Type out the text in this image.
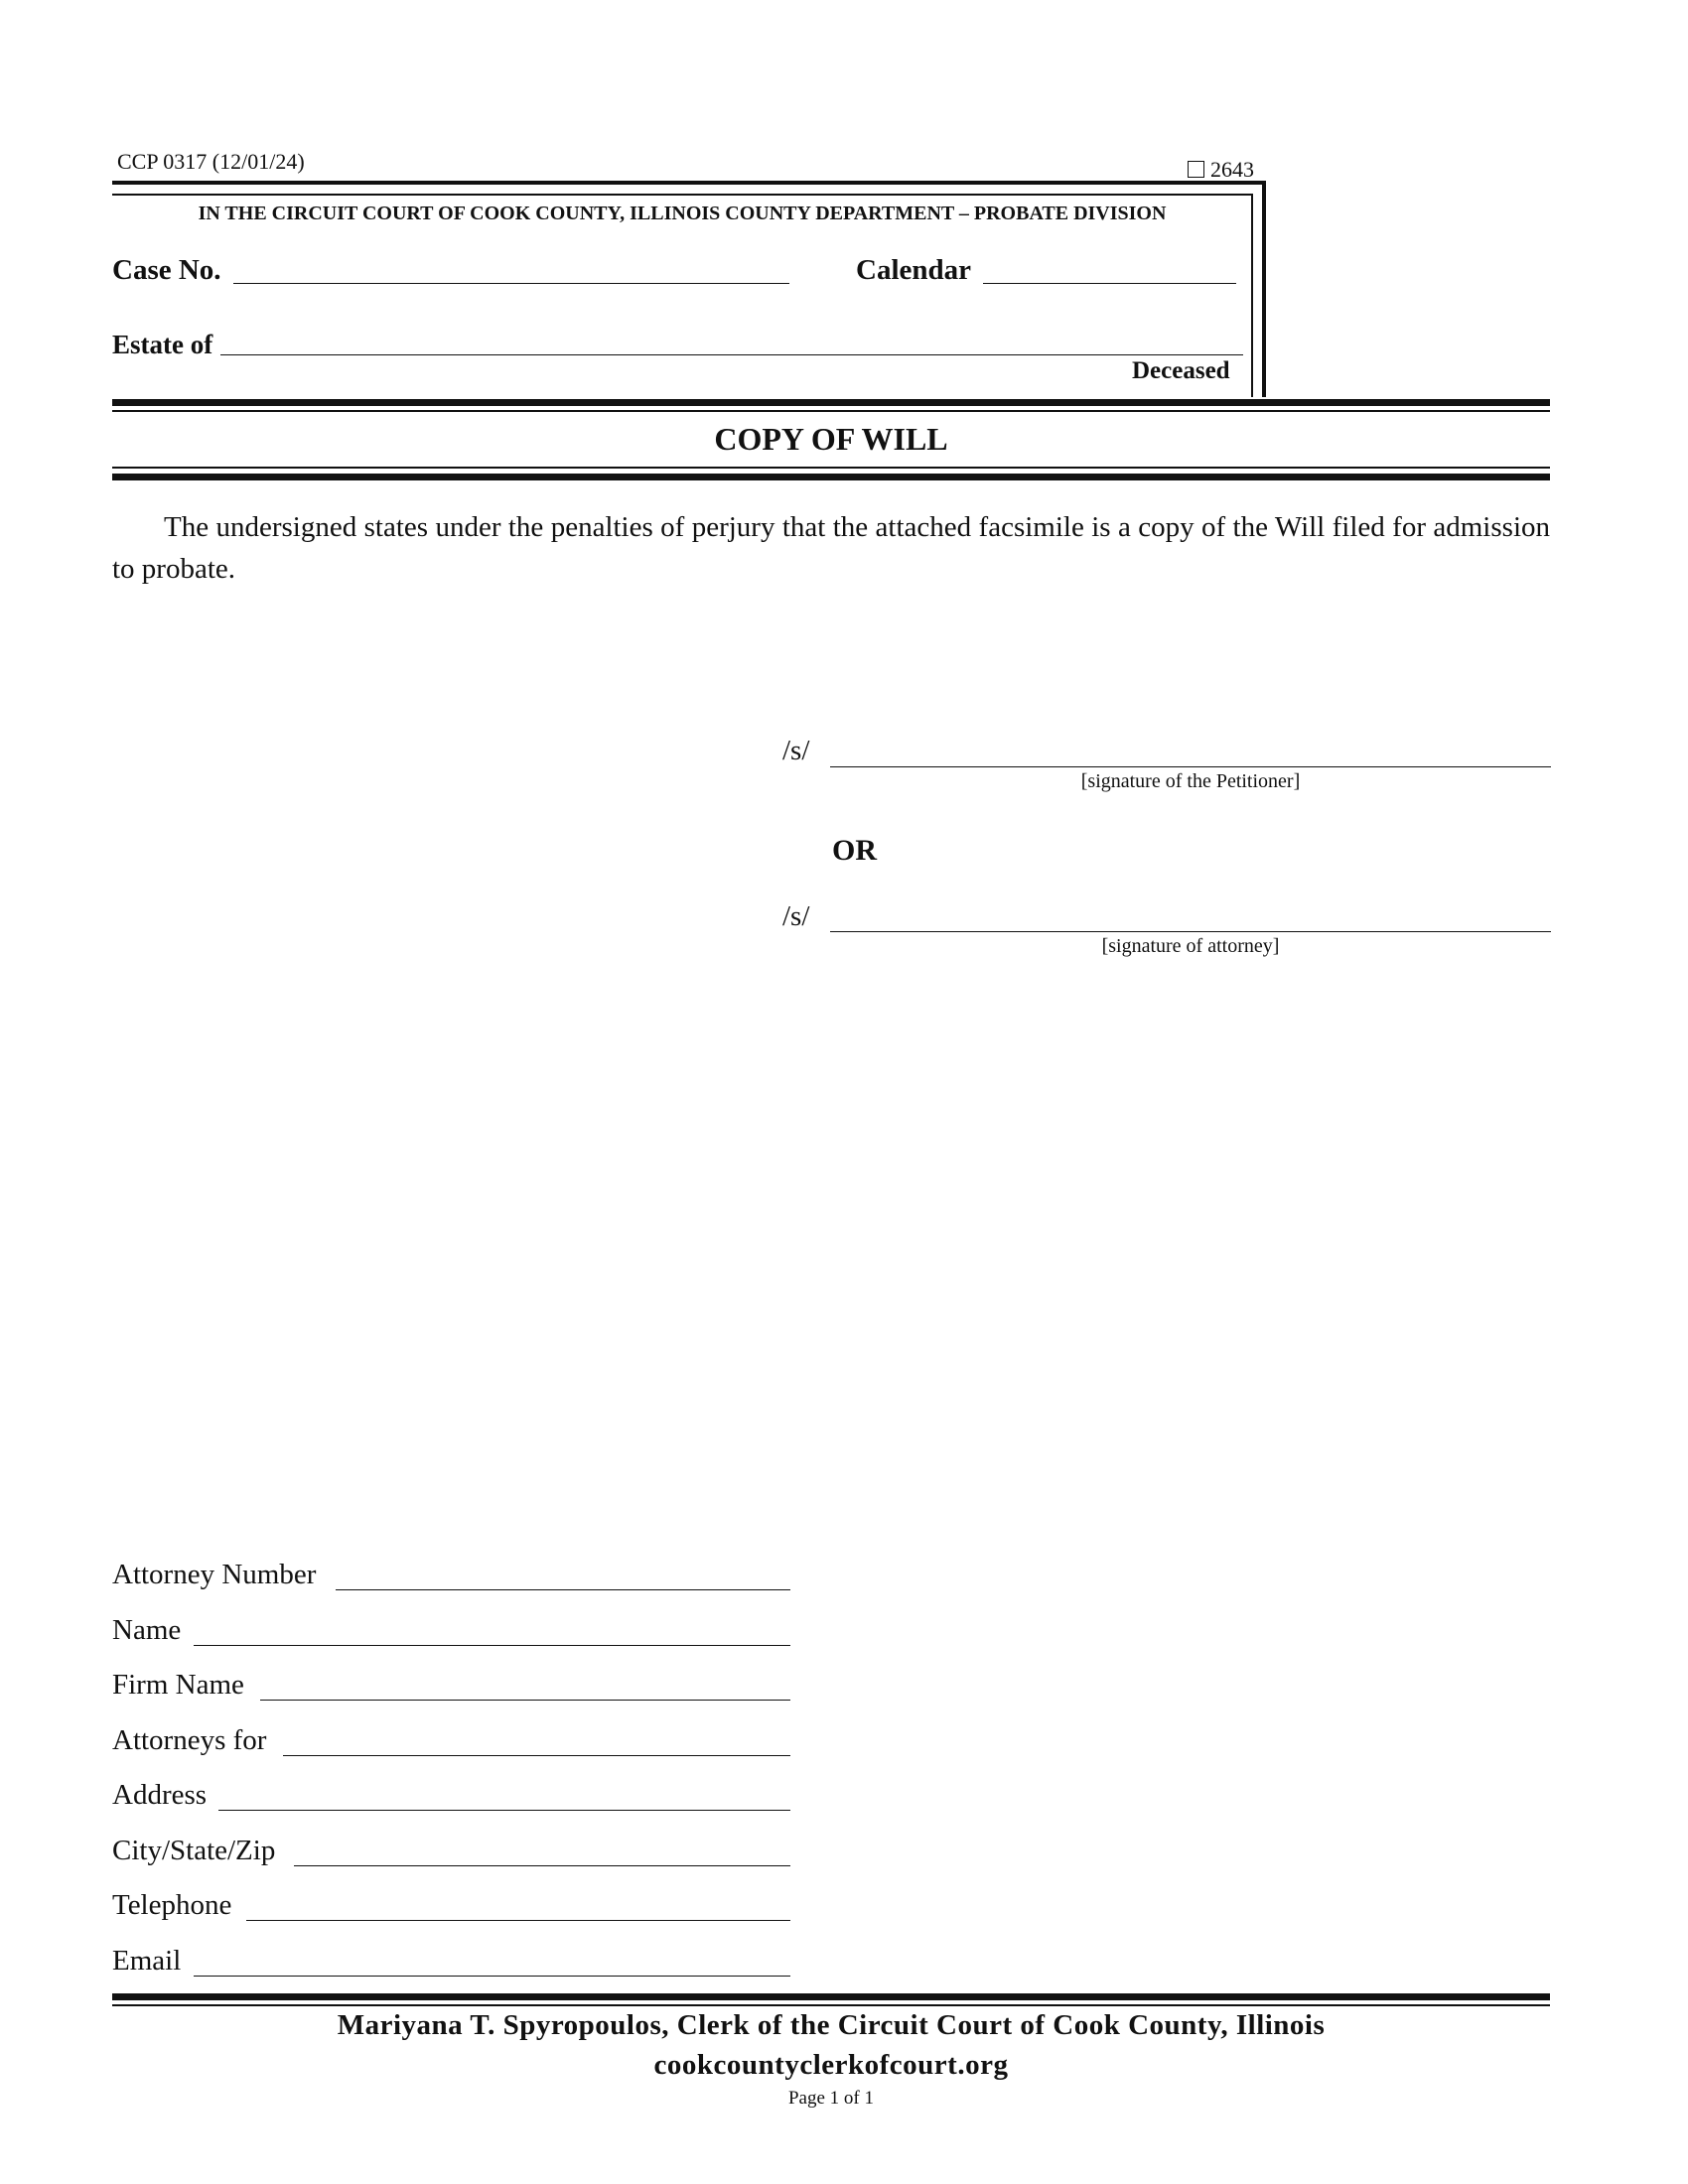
CCP 0317 (12/01/24)	2643
IN THE CIRCUIT COURT OF COOK COUNTY, ILLINOIS COUNTY DEPARTMENT – PROBATE DIVISION
Case No.	Calendar
Estate of
Deceased
COPY OF WILL
The undersigned states under the penalties of perjury that the attached facsimile is a copy of the Will filed for admission to probate.
/s/
[signature of the Petitioner]
OR
/s/
[signature of attorney]
Attorney Number
Name
Firm Name
Attorneys for
Address
City/State/Zip
Telephone
Email
Mariyana T. Spyropoulos, Clerk of the Circuit Court of Cook County, Illinois
cookcountyclerkofcourt.org
Page 1 of 1
